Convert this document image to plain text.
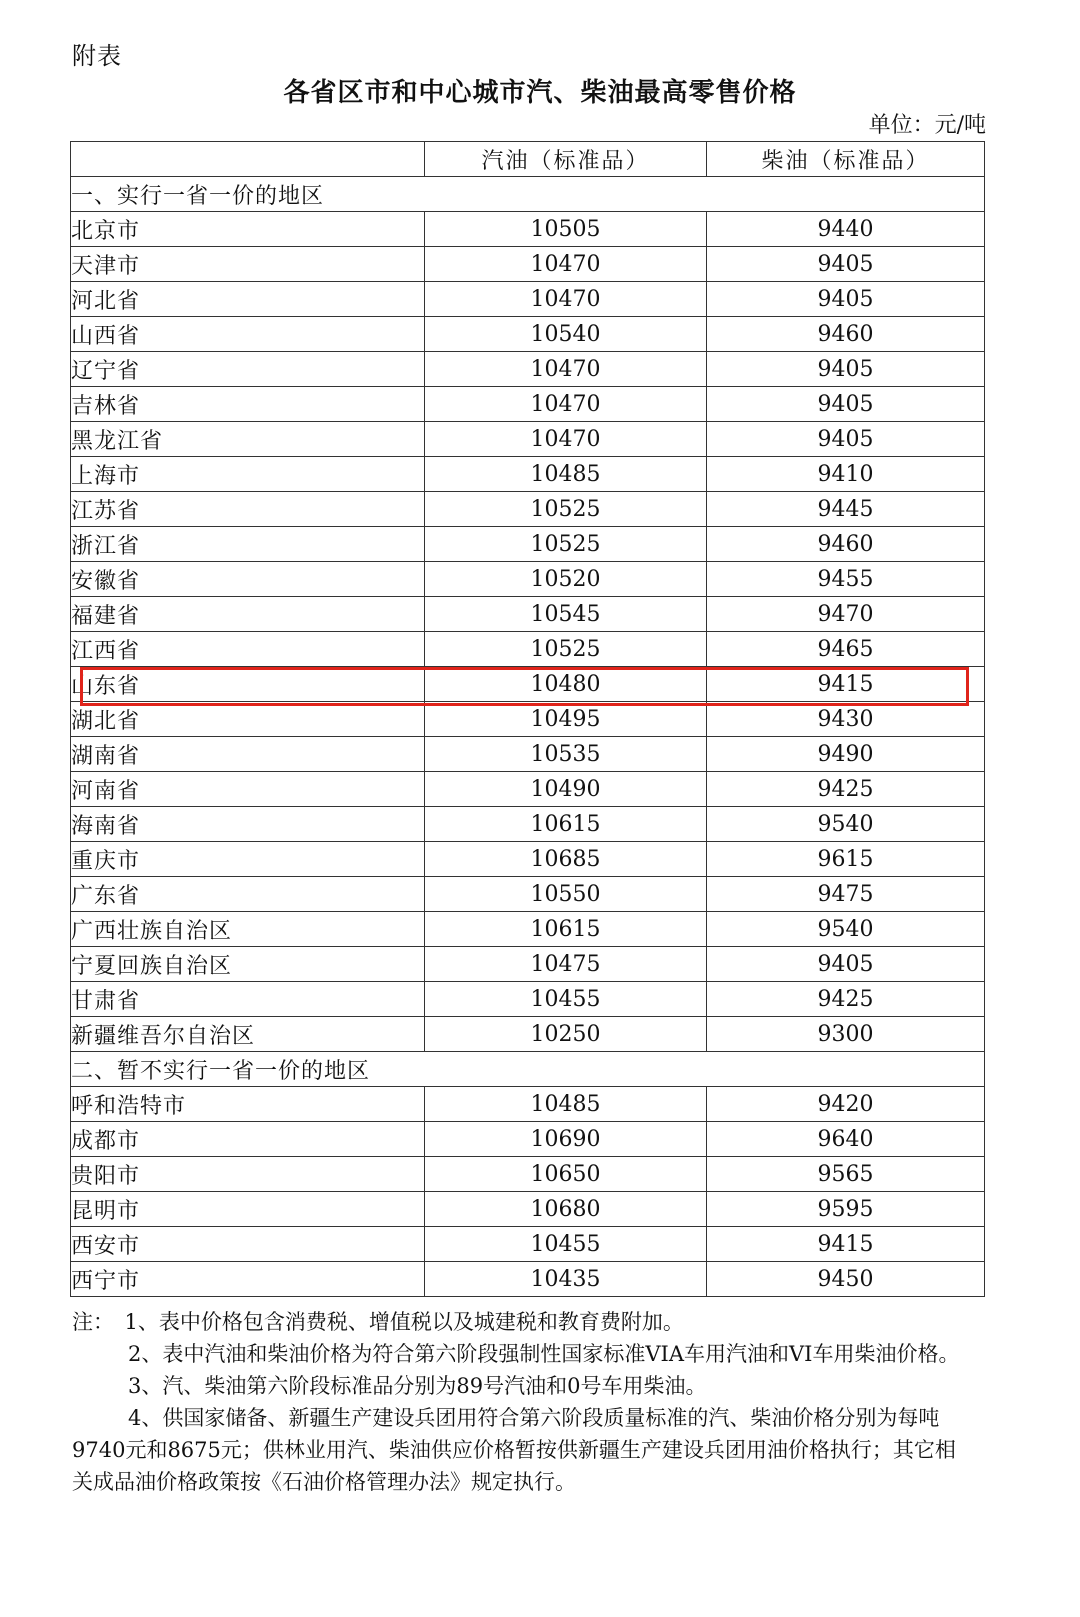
附表
各省区市和中心城市汽、柴油最高零售价格
单位：元/吨
	汽油（标准品）	柴油（标准品）
一、实行一省一价的地区		
北京市	10505	9440
天津市	10470	9405
河北省	10470	9405
山西省	10540	9460
辽宁省	10470	9405
吉林省	10470	9405
黑龙江省	10470	9405
上海市	10485	9410
江苏省	10525	9445
浙江省	10525	9460
安徽省	10520	9455
福建省	10545	9470
江西省	10525	9465
山东省	10480	9415
湖北省	10495	9430
湖南省	10535	9490
河南省	10490	9425
海南省	10615	9540
重庆市	10685	9615
广东省	10550	9475
广西壮族自治区	10615	9540
宁夏回族自治区	10475	9405
甘肃省	10455	9425
新疆维吾尔自治区	10250	9300
二、暂不实行一省一价的地区		
呼和浩特市	10485	9420
成都市	10690	9640
贵阳市	10650	9565
昆明市	10680	9595
西安市	10455	9415
西宁市	10435	9450

注：　1、表中价格包含消费税、增值税以及城建税和教育费附加。

2、表中汽油和柴油价格为符合第六阶段强制性国家标准VIA车用汽油和VI车用柴油价格。

3、汽、柴油第六阶段标准品分别为89号汽油和0号车用柴油。

4、供国家储备、新疆生产建设兵团用符合第六阶段质量标准的汽、柴油价格分别为每吨9740元和8675元；供林业用汽、柴油供应价格暂按供新疆生产建设兵团用油价格执行；其它相关成品油价格政策按《石油价格管理办法》规定执行。
